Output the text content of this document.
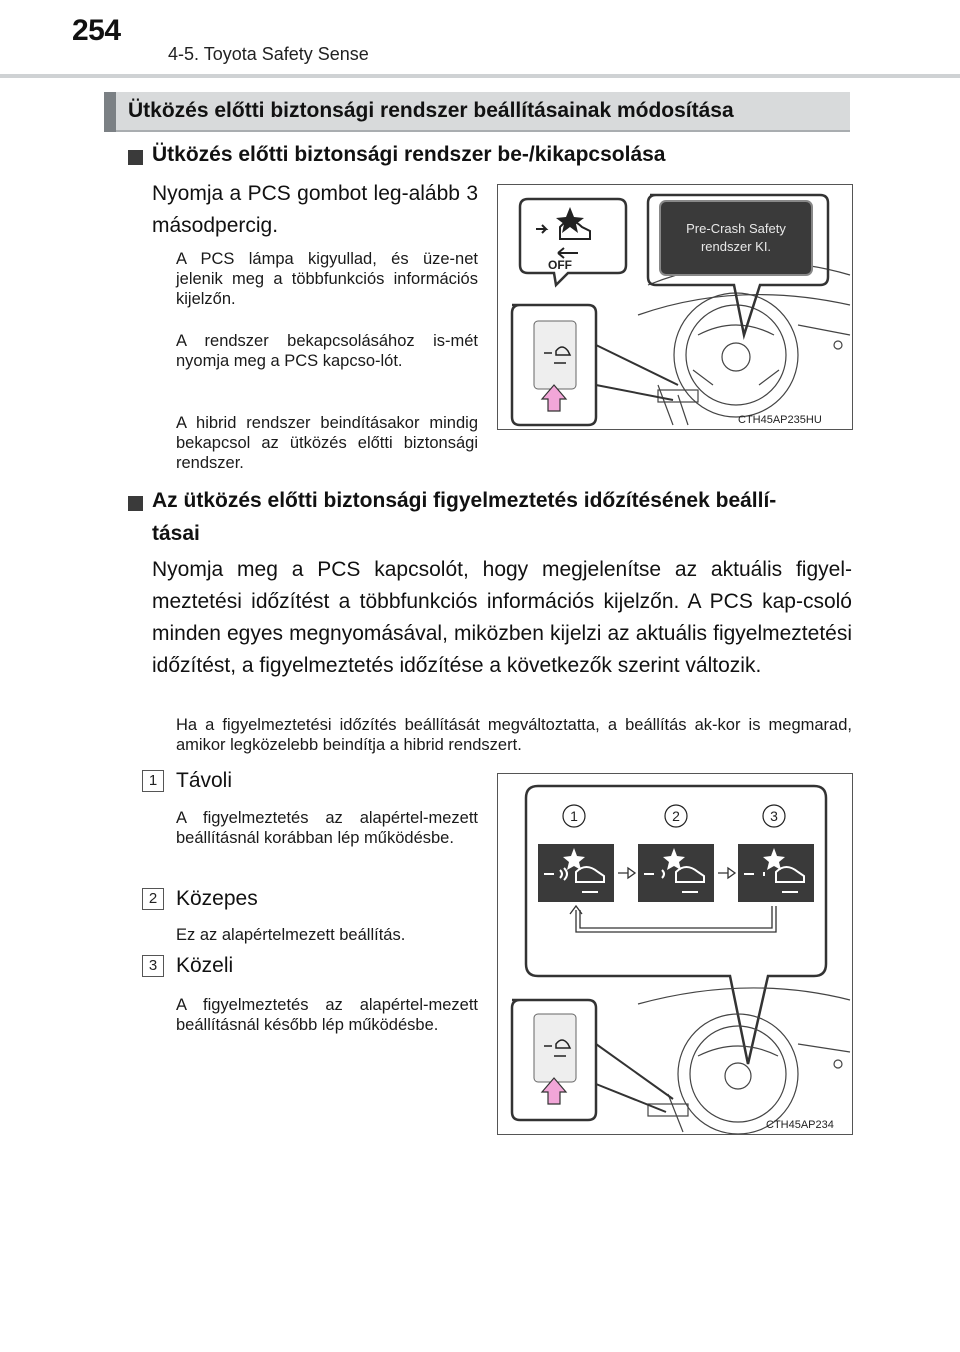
254
4-5. Toyota Safety Sense
Ütközés előtti biztonsági rendszer beállításainak módosítása
Ütközés előtti biztonsági rendszer be-/kikapcsolása
Nyomja a PCS gombot leg-alább 3 másodpercig.
A PCS lámpa kigyullad, és üze-net jelenik meg a többfunkciós információs kijelzőn.
A rendszer bekapcsolásához is-mét nyomja meg a PCS kapcso-lót.
A hibrid rendszer beindításakor mindig bekapcsol az ütközés előtti biztonsági rendszer.
Pre-Crash Safety
rendszer KI.
OFF
CTH45AP235HU
Az ütközés előtti biztonsági figyelmeztetés időzítésének beállí-
tásai
Nyomja meg a PCS kapcsolót, hogy megjelenítse az aktuális figyel-meztetési időzítést a többfunkciós információs kijelzőn. A PCS kap-csoló minden egyes megnyomásával, miközben kijelzi az aktuális figyelmeztetési időzítést, a figyelmeztetés időzítése a következők szerint változik.
Ha a figyelmeztetési időzítés beállítását megváltoztatta, a beállítás ak-kor is megmarad, amikor legközelebb beindítja a hibrid rendszert.
1 Távoli
A figyelmeztetés az alapértel-mezett beállításnál korábban lép működésbe.
2 Közepes
Ez az alapértelmezett beállítás.
3 Közeli
A figyelmeztetés az alapértel-mezett beállításnál később lép működésbe.
1	2	3
CTH45AP234
